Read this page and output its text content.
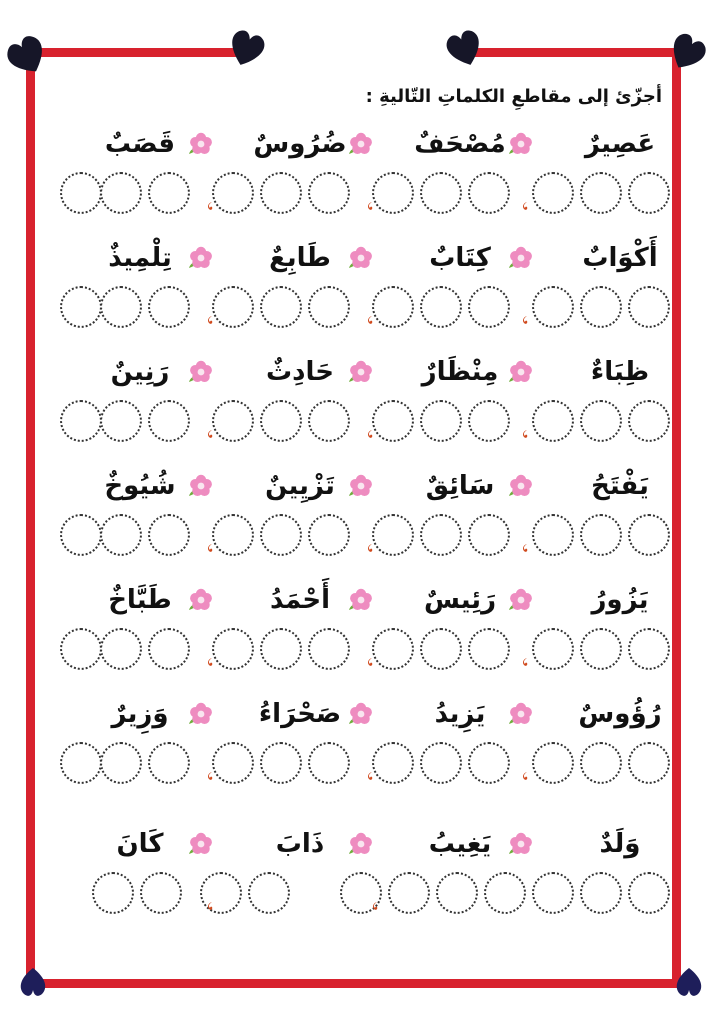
أجزّئ إلى مقاطعِ الكلماتِ التّاليةِ :
عَصِيرٌ
مُصْحَفٌ
ضُرُوسٌ
قَصَبٌ
أَكْوَابٌ
كِتَابٌ
طَابِعٌ
تِلْمِيذٌ
ظِبَاءٌ
مِنْظَارٌ
حَادِثٌ
رَنِينٌ
يَفْتَحُ
سَائِقٌ
تَزْيِينٌ
شُيُوخٌ
يَزُورُ
رَئِيسٌ
أَحْمَدُ
طَبَّاخٌ
رُؤُوسٌ
يَزِيدُ
صَحْرَاءُ
وَزِيرٌ
وَلَدٌ
يَغِيبُ
ذَابَ
كَانَ
